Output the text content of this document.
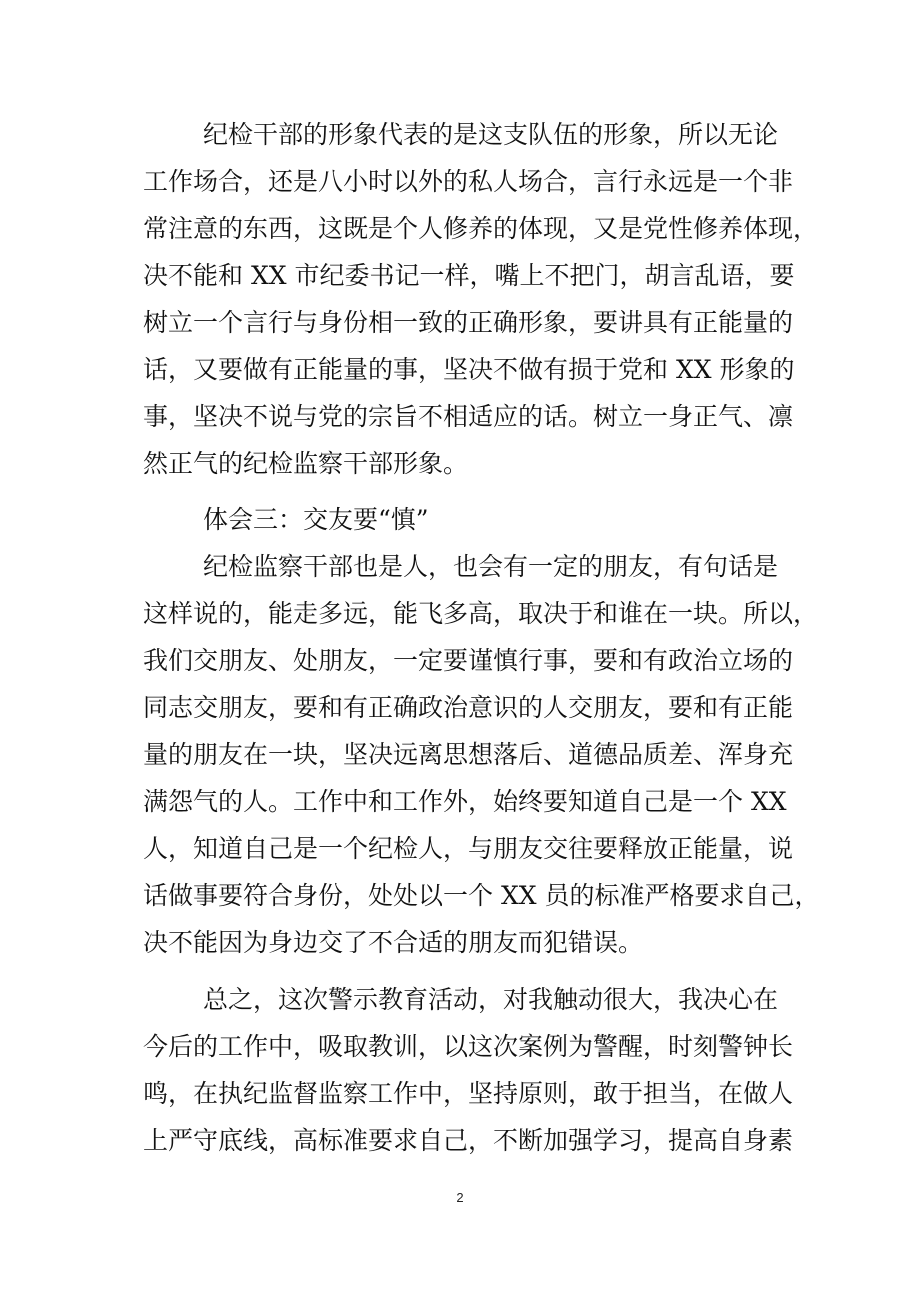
纪检干部的形象代表的是这支队伍的形象，所以无论

工作场合，还是八小时以外的私人场合，言行永远是一个非

常注意的东西，这既是个人修养的体现，又是党性修养体现，

决不能和 XX 市纪委书记一样，嘴上不把门，胡言乱语，要

树立一个言行与身份相一致的正确形象，要讲具有正能量的

话，又要做有正能量的事，坚决不做有损于党和 XX 形象的

事，坚决不说与党的宗旨不相适应的话。树立一身正气、凛

然正气的纪检监察干部形象。

体会三：交友要“慎”

纪检监察干部也是人，也会有一定的朋友，有句话是

这样说的，能走多远，能飞多高，取决于和谁在一块。所以，

我们交朋友、处朋友，一定要谨慎行事，要和有政治立场的

同志交朋友，要和有正确政治意识的人交朋友，要和有正能

量的朋友在一块，坚决远离思想落后、道德品质差、浑身充

满怨气的人。工作中和工作外，始终要知道自己是一个 XX

人，知道自己是一个纪检人，与朋友交往要释放正能量，说

话做事要符合身份，处处以一个 XX 员的标准严格要求自己，

决不能因为身边交了不合适的朋友而犯错误。

总之，这次警示教育活动，对我触动很大，我决心在

今后的工作中，吸取教训，以这次案例为警醒，时刻警钟长

鸣，在执纪监督监察工作中，坚持原则，敢于担当，在做人

上严守底线，高标准要求自己，不断加强学习，提高自身素

2
